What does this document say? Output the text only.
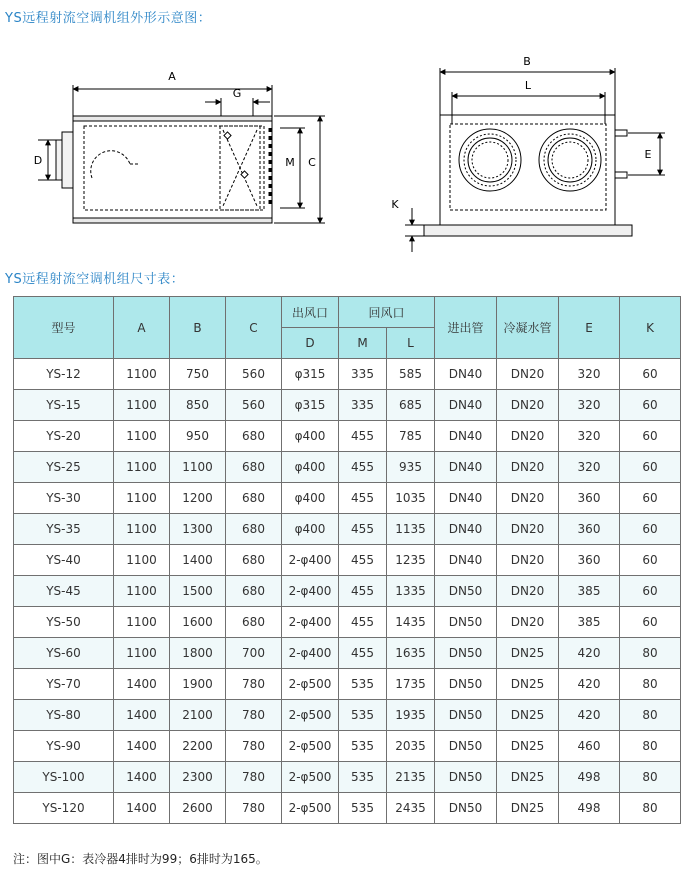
YS远程射流空调机组外形示意图：
A
G
D	M C
B
L
E
K
YS远程射流空调机组尺寸表：
型号	A	B	C	出风口	回风口		进出管	冷凝水管	E	K
				D	M	L				
YS-12	1100	750	560	φ315	335	585	DN40	DN20	320	60
YS-15	1100	850	560	φ315	335	685	DN40	DN20	320	60
YS-20	1100	950	680	φ400	455	785	DN40	DN20	320	60
YS-25	1100	1100	680	φ400	455	935	DN40	DN20	320	60
YS-30	1100	1200	680	φ400	455	1035	DN40	DN20	360	60
YS-35	1100	1300	680	φ400	455	1135	DN40	DN20	360	60
YS-40	1100	1400	680	2-φ400	455	1235	DN40	DN20	360	60
YS-45	1100	1500	680	2-φ400	455	1335	DN50	DN20	385	60
YS-50	1100	1600	680	2-φ400	455	1435	DN50	DN20	385	60
YS-60	1100	1800	700	2-φ400	455	1635	DN50	DN25	420	80
YS-70	1400	1900	780	2-φ500	535	1735	DN50	DN25	420	80
YS-80	1400	2100	780	2-φ500	535	1935	DN50	DN25	420	80
YS-90	1400	2200	780	2-φ500	535	2035	DN50	DN25	460	80
YS-100	1400	2300	780	2-φ500	535	2135	DN50	DN25	498	80
YS-120	1400	2600	780	2-φ500	535	2435	DN50	DN25	498	80
注：图中G：表冷器4排时为99；6排时为165。
